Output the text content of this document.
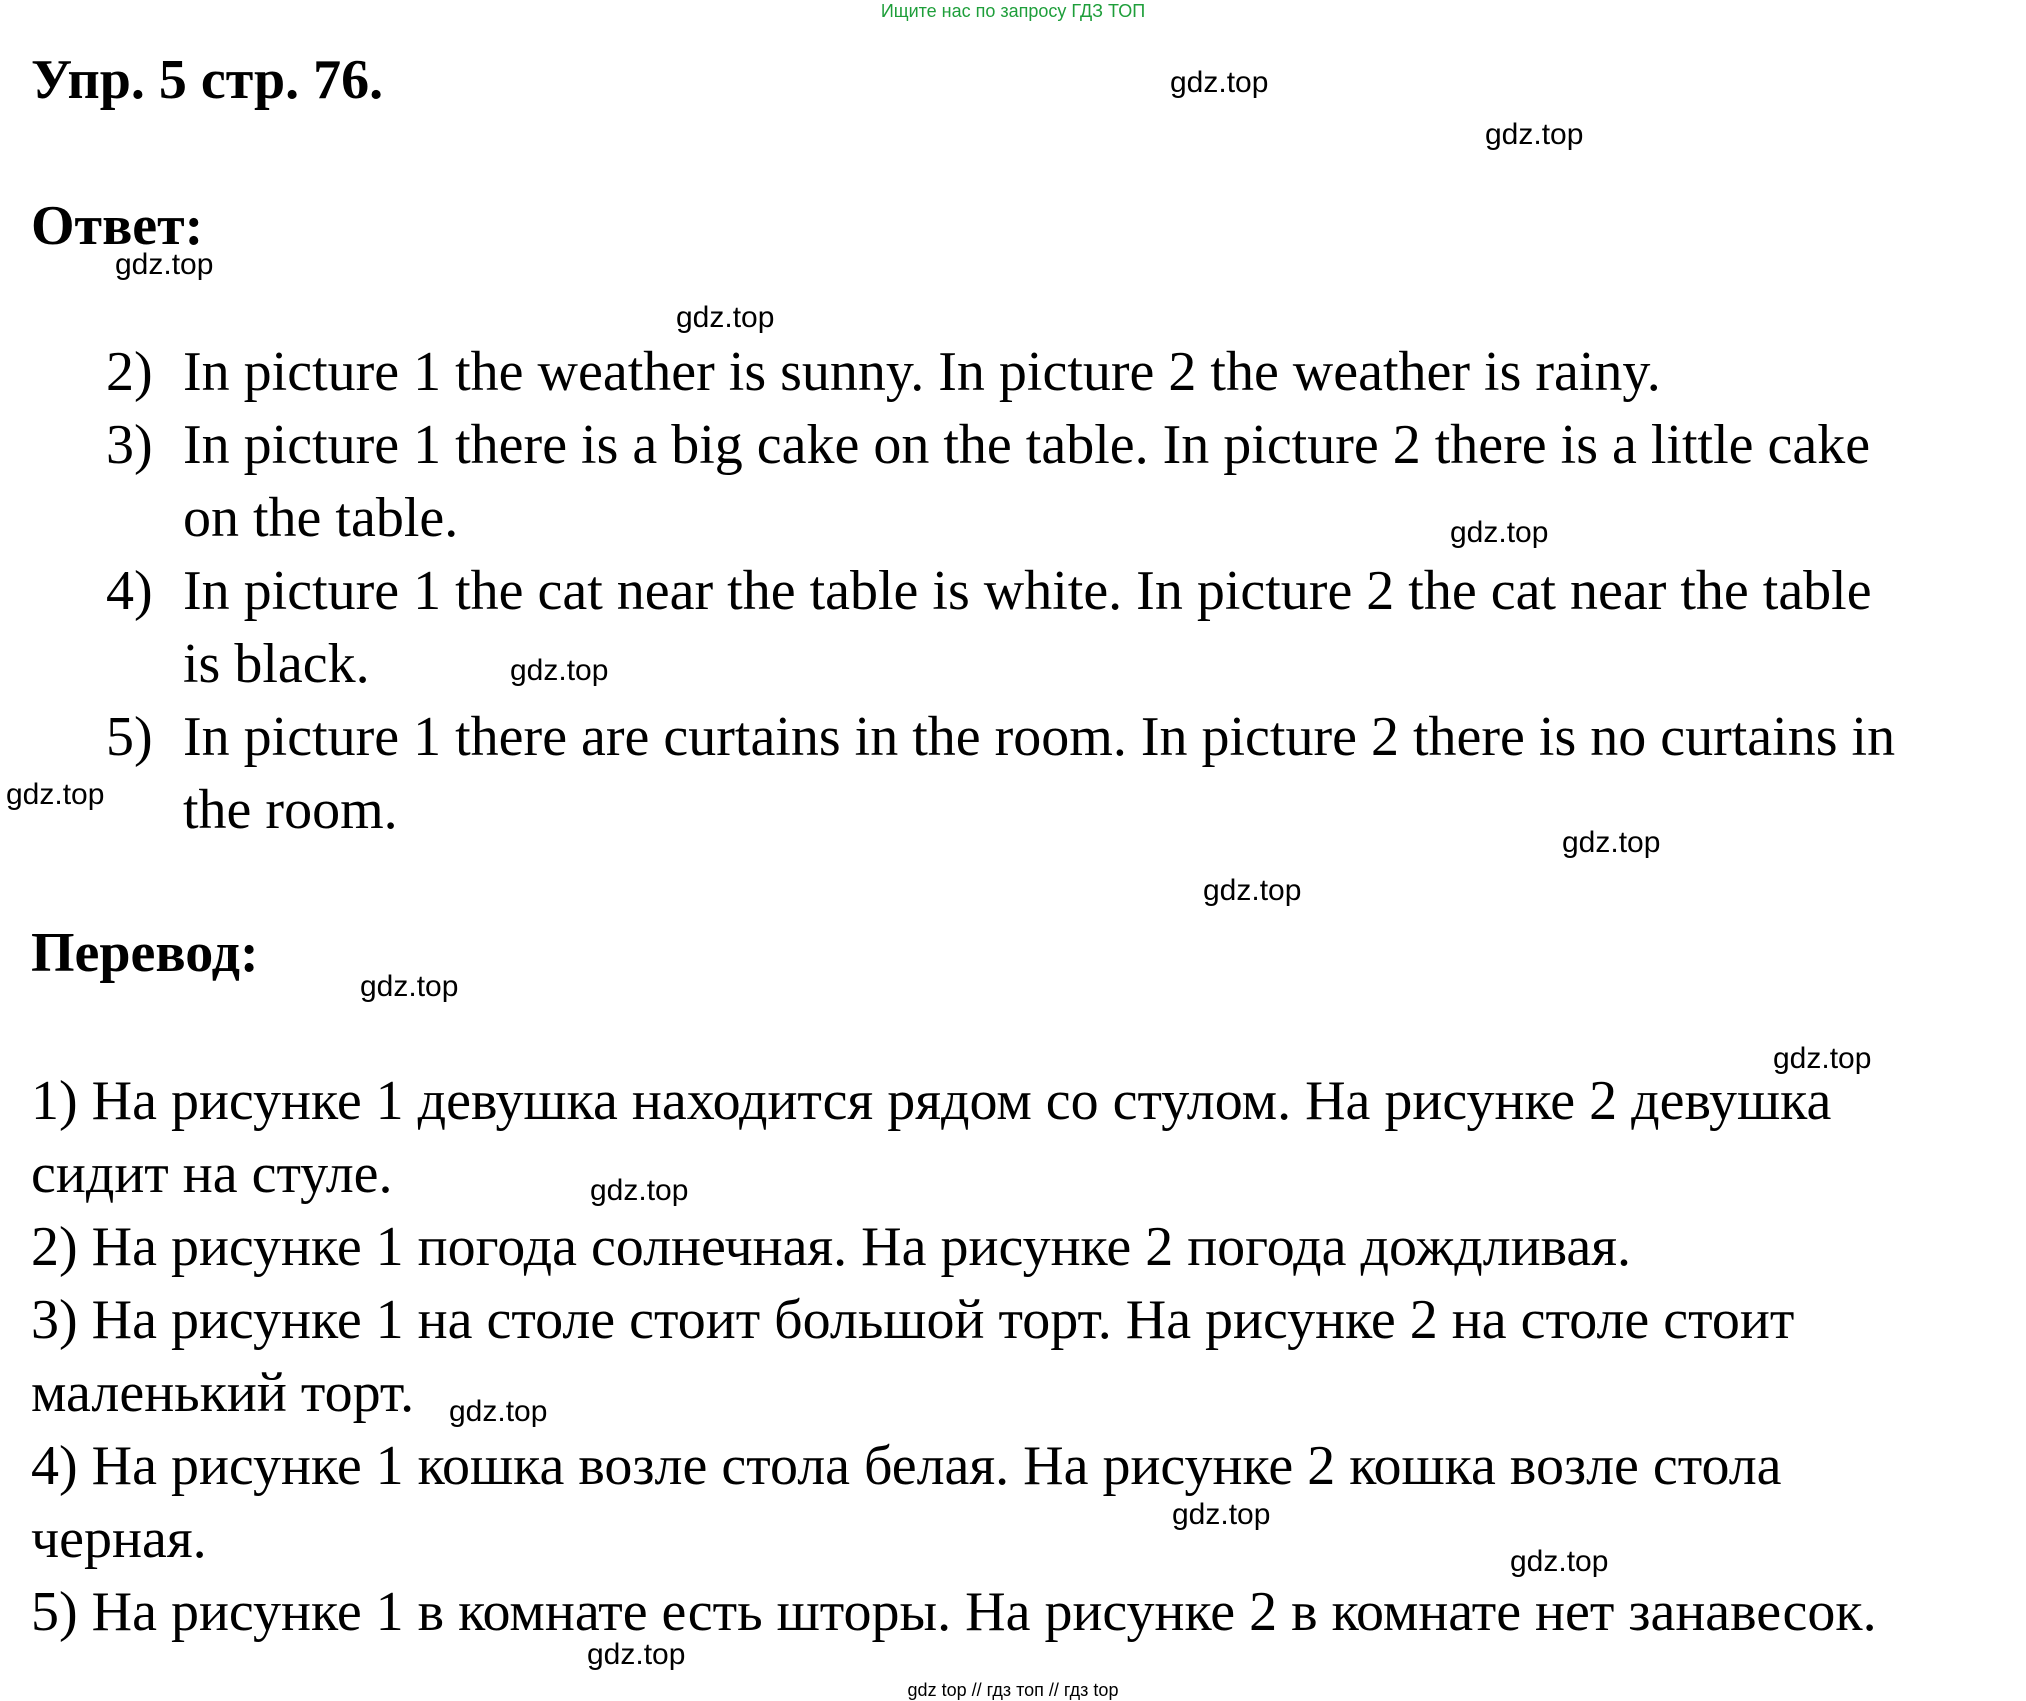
Ищите нас по запросу ГДЗ ТОП
Упр. 5 стр. 76.
Ответ:
2) In picture 1 the weather is sunny. In picture 2 the weather is rainy.
3) In picture 1 there is a big cake on the table. In picture 2 there is a little cake
on the table.
4) In picture 1 the cat near the table is white. In picture 2 the cat near the table
is black.
5) In picture 1 there are curtains in the room. In picture 2 there is no curtains in
the room.
Перевод:
1) На рисунке 1 девушка находится рядом со стулом. На рисунке 2 девушка
сидит на стуле.
2) На рисунке 1 погода солнечная. На рисунке 2 погода дождливая.
3) На рисунке 1 на столе стоит большой торт. На рисунке 2 на столе стоит
маленький торт.
4) На рисунке 1 кошка возле стола белая. На рисунке 2 кошка возле стола
черная.
5) На рисунке 1 в комнате есть шторы. На рисунке 2 в комнате нет занавесок.
gdz.top
gdz.top
gdz.top
gdz.top
gdz.top
gdz.top
gdz.top
gdz.top
gdz.top
gdz.top
gdz.top
gdz.top
gdz.top
gdz.top
gdz.top
gdz.top
gdz top // гдз топ // гдз top
